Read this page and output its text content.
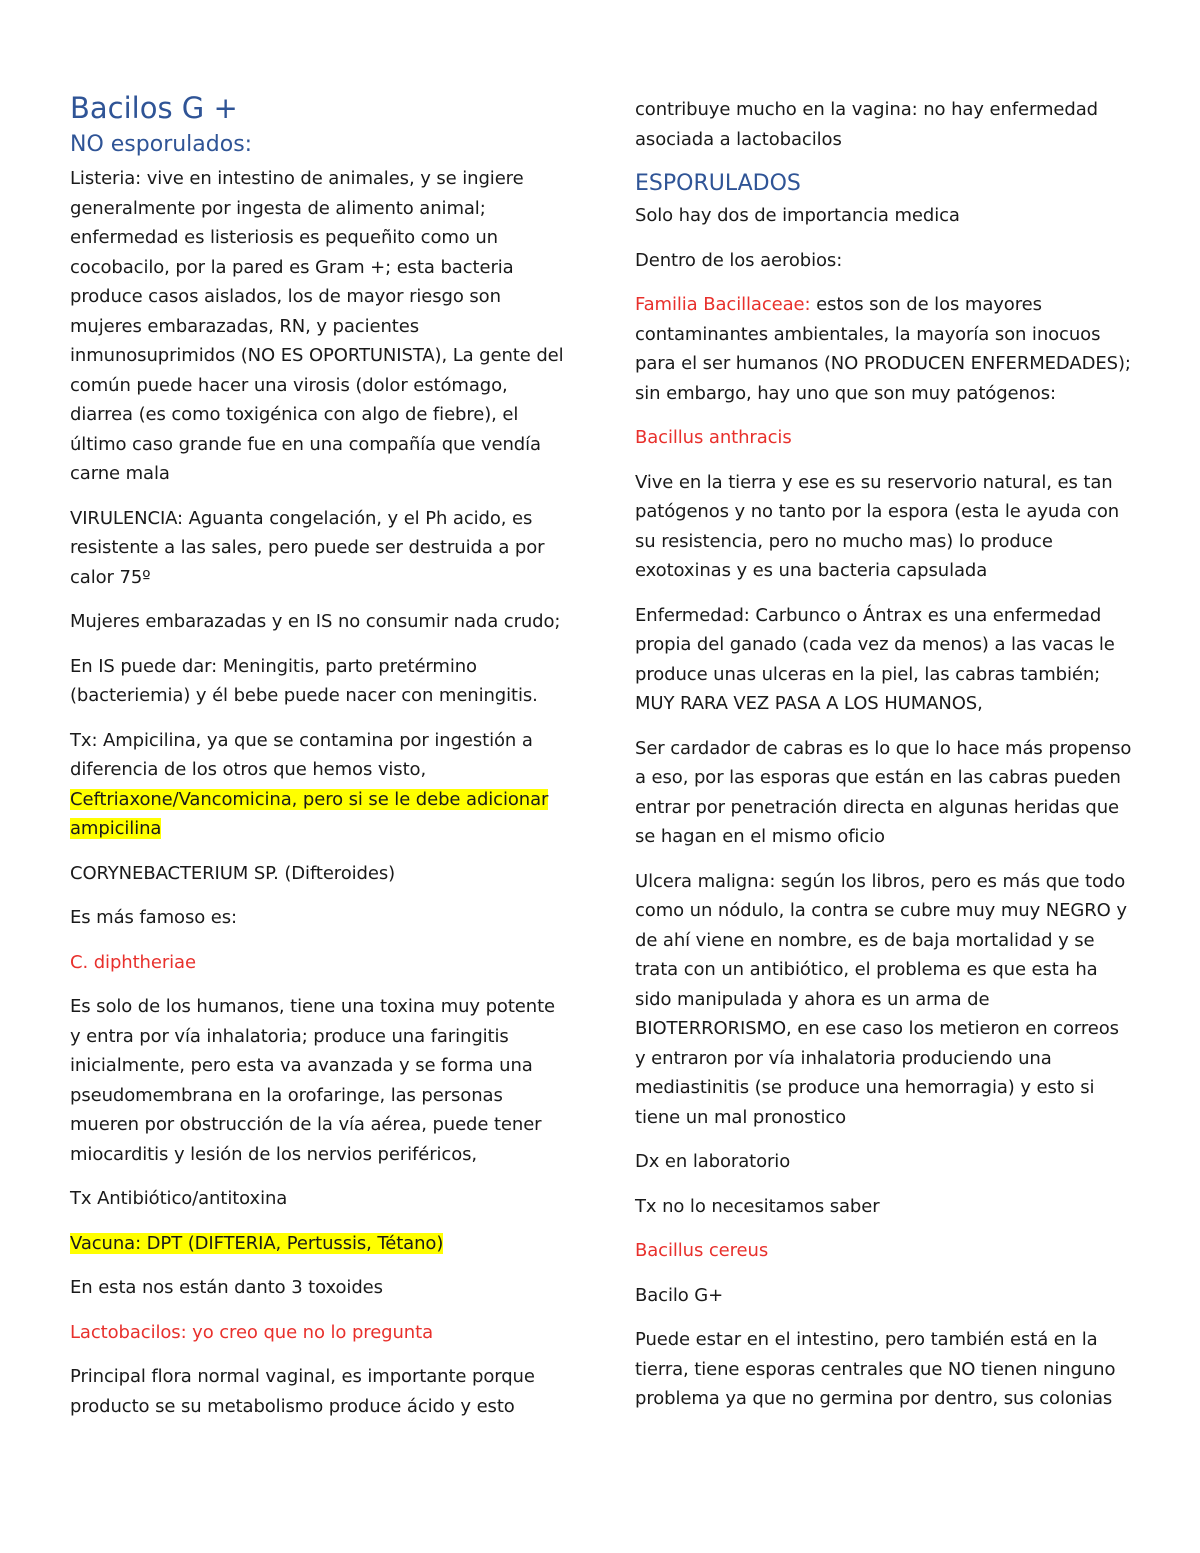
Bacilos G +
NO esporulados:

Listeria: vive en intestino de animales, y se ingiere generalmente por ingesta de alimento animal; enfermedad es listeriosis es pequeñito como un cocobacilo, por la pared es Gram +; esta bacteria produce casos aislados, los de mayor riesgo son mujeres embarazadas, RN, y pacientes inmunosuprimidos (NO ES OPORTUNISTA), La gente del común puede hacer una virosis (dolor estómago, diarrea (es como toxigénica con algo de fiebre), el último caso grande fue en una compañía que vendía carne mala

VIRULENCIA: Aguanta congelación, y el Ph acido, es resistente a las sales, pero puede ser destruida a por calor 75º

Mujeres embarazadas y en IS no consumir nada crudo;

En IS puede dar: Meningitis, parto pretérmino (bacteriemia) y él bebe puede nacer con meningitis.

Tx: Ampicilina, ya que se contamina por ingestión a diferencia de los otros que hemos visto, Ceftriaxone/Vancomicina, pero si se le debe adicionar ampicilina

CORYNEBACTERIUM SP. (Difteroides)

Es más famoso es:

C. diphtheriae

Es solo de los humanos, tiene una toxina muy potente y entra por vía inhalatoria; produce una faringitis inicialmente, pero esta va avanzada y se forma una pseudomembrana en la orofaringe, las personas mueren por obstrucción de la vía aérea, puede tener miocarditis y lesión de los nervios periféricos,

Tx Antibiótico/antitoxina

Vacuna: DPT (DIFTERIA, Pertussis, Tétano)

En esta nos están danto 3 toxoides

Lactobacilos: yo creo que no lo pregunta

Principal flora normal vaginal, es importante porque producto se su metabolismo produce ácido y esto

contribuye mucho en la vagina: no hay enfermedad asociada a lactobacilos

ESPORULADOS

Solo hay dos de importancia medica

Dentro de los aerobios:

Familia Bacillaceae: estos son de los mayores contaminantes ambientales, la mayoría son inocuos para el ser humanos (NO PRODUCEN ENFERMEDADES); sin embargo, hay uno que son muy patógenos:

Bacillus anthracis

Vive en la tierra y ese es su reservorio natural, es tan patógenos y no tanto por la espora (esta le ayuda con su resistencia, pero no mucho mas) lo produce exotoxinas y es una bacteria capsulada

Enfermedad: Carbunco o Ántrax es una enfermedad propia del ganado (cada vez da menos) a las vacas le produce unas ulceras en la piel, las cabras también; MUY RARA VEZ PASA A LOS HUMANOS,

Ser cardador de cabras es lo que lo hace más propenso a eso, por las esporas que están en las cabras pueden entrar por penetración directa en algunas heridas que se hagan en el mismo oficio

Ulcera maligna: según los libros, pero es más que todo como un nódulo, la contra se cubre muy muy NEGRO y de ahí viene en nombre, es de baja mortalidad y se trata con un antibiótico, el problema es que esta ha sido manipulada y ahora es un arma de BIOTERRORISMO, en ese caso los metieron en correos y entraron por vía inhalatoria produciendo una mediastinitis (se produce una hemorragia) y esto si tiene un mal pronostico

Dx en laboratorio

Tx no lo necesitamos saber

Bacillus cereus

Bacilo G+

Puede estar en el intestino, pero también está en la tierra, tiene esporas centrales que NO tienen ninguno problema ya que no germina por dentro, sus colonias
